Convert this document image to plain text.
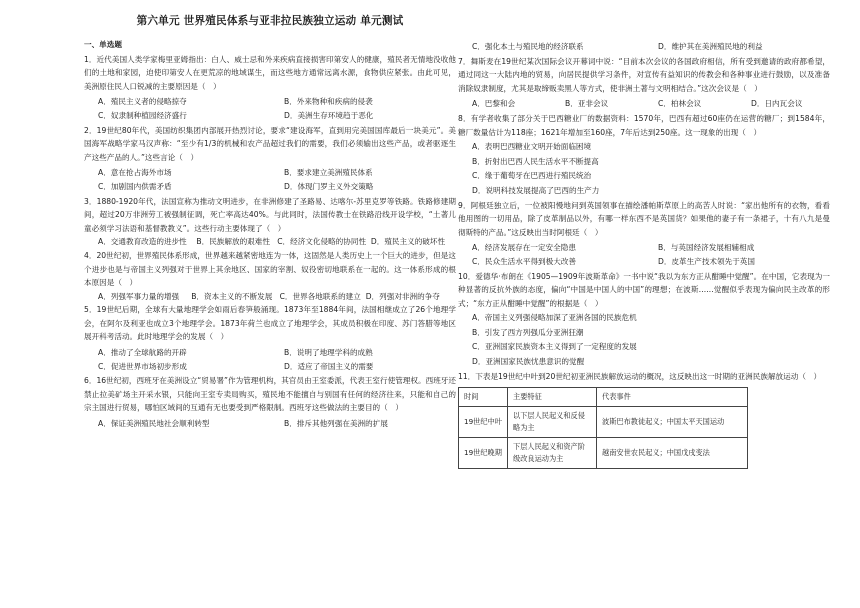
第六单元 世界殖民体系与亚非拉民族独立运动 单元测试
一、单选题

1．近代美国人类学家梅里亚姆指出：白人、威士忌和外来疾病直接损害印第安人的健康，殖民者无情地没收他们的土地和家园，迫使印第安人在更荒凉的地域谋生，而这些地方通常远离水源，食物供应紧张。由此可见，美洲原住民人口锐减的主要原因是（　）

A．殖民主义者的侵略掠夺	B．外来物种和疾病的侵袭
C．奴隶制种植园经济盛行	D．美洲生存环境趋于恶化

2．19世纪80年代，美国纺织集团内部展开热烈讨论，要求“建设海军，直到用完美国国库最后一块美元”。美国海军战略学家马汉声称：“至少有1/3的机械和农产品超过我们的需要，我们必须输出这些产品，或者驱逐生产这些产品的人。”这些言论（　）

A．意在抢占海外市场	B．要求建立美洲殖民体系
C．加剧国内供需矛盾	D．体现门罗主义外交策略

3．1880-1920年代，法国宣称为推动文明进步，在非洲修建了圣路易、达喀尔-苏里克罗等铁路。铁路修建期间，超过20万非洲劳工被强制征调，死亡率高达40%。与此同时，法国传教士在铁路沿线开设学校，“土著儿童必须学习法语和基督教教义”。这些行动主要体现了（　）

A．交通教育改造的进步性 B．民族解放的艰难性 C．经济文化侵略的协同性 D．殖民主义的破坏性

4．20世纪初，世界殖民体系形成，世界越来越紧密地连为一体，这固然是人类历史上一个巨大的进步，但是这个进步也是与帝国主义列强对于世界上其余地区、国家的宰割、奴役密切地联系在一起的。这一体系形成的根本原因是（　）

A．列强军事力量的增强 B．资本主义的不断发展 C．世界各地联系的建立 D．列强对非洲的争夺

5．19世纪后期，全球有大量地理学会如雨后春笋般涌现。1873年至1884年间，法国相继成立了26个地理学会，在阿尔及利亚也成立3个地理学会。1873年荷兰也成立了地理学会，其成员积极在印度、苏门答腊等地区展开科考活动。此时地理学会的发展（　）

A．推动了全球航路的开辟	B．说明了地理学科的成熟
C．促进世界市场初步形成	D．适应了帝国主义的需要

6．16世纪初，西班牙在美洲设立“贸易署”作为管理机构，其官员由王室委派，代表王室行使管理权。西班牙还禁止拉美矿场主开采水银，只能向王室专卖局购买，殖民地不能擅自与别国有任何的经济往来，只能和自己的宗主国进行贸易，哪怕区域间的互通有无也要受到严格限制。西班牙这些做法的主要目的（　）

A．保证美洲殖民地社会顺利转型	B．排斥其他列强在美洲的扩展
C．强化本土与殖民地的经济联系	D．维护其在美洲殖民地的利益

7．舞斯麦在19世纪某次国际会议开幕词中说：“目前本次会议的各国政府相信，所有受到邀请的政府都希望，通过同这一大陆内地的贸易，向居民提供学习条件，对宣传有益知识的传教会和各种事业进行鼓励，以及准备消除奴隶制度，尤其是取缔贩卖黑人等方式，使非洲土著与文明相结合。”这次会议是（　）

A．巴黎和会	B．亚非会议	C．柏林会议	D．日内瓦会议

8．有学者收集了部分关于巴西糖业厂的数据资料：1570年，巴西有超过60座仍在运营的糖厂；到1584年，糖厂数量估计为118座；1621年增加至160座，7年后达到250座。这一现象的出现（　）

A．表明巴西糖业文明开始面临困境
B．折射出巴西人民生活水平不断提高
C．缘于葡萄牙在巴西进行殖民统治
D．说明科技发展提高了巴西的生产力

9．阿根廷独立后，一位被阳慢地问到英国领事在描绘潘帕斯草原上的高苦人时说：“家出他所有的衣物，看看他用图的一切用品，除了皮革制品以外，有哪一样东西不是英国货？如果他的妻子有一条裙子，十有八九是曼彻斯特的产品。”这反映出当时阿根廷（　）

A．经济发展存在一定安全隐患	B．与英国经济发展相辅相成
C．民众生活水平得到极大改善	D．皮革生产技术领先于英国

10．爱德华·布朗在《1905—1909年波斯革命》一书中说“我以为东方正从酣睡中觉醒”。在中国，它表现为一种显著的反抗外族的态度，偏向“中国是中国人的中国”的理想；在波斯……觉醒似乎表现为偏向民主改革的形式；“东方正从酣睡中觉醒”的根据是（　）

A．帝国主义列强侵略加深了亚洲各国的民族危机
B．引发了西方列强瓜分亚洲狂潮
C．亚洲国家民族资本主义得到了一定程度的发展
D．亚洲国家民族忧患意识的觉醒

11．下表是19世纪中叶到20世纪初亚洲民族解放运动的概况，这反映出这一时期的亚洲民族解放运动（　）

时间	主要特征	代表事件
19世纪中叶	以下层人民起义和反侵略为主	波斯巴布教徒起义；中国太平天国运动
19世纪晚期	下层人民起义和资产阶级改良运动为主	越南安世农民起义；中国戊戌变法
